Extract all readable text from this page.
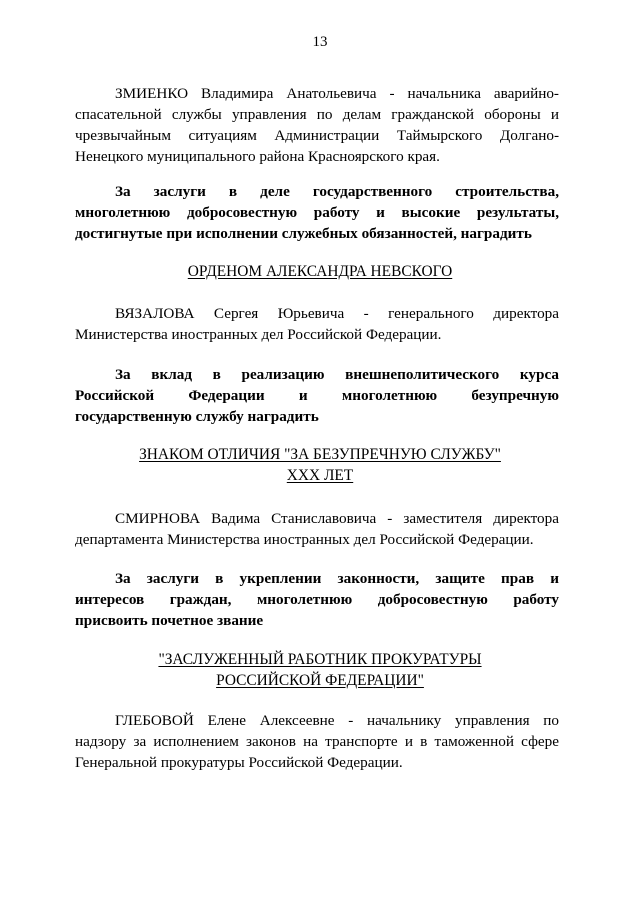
13
ЗМИЕНКО Владимира Анатольевича - начальника аварийно-
спасательной службы управления по делам гражданской обороны и
чрезвычайным ситуациям Администрации Таймырского Долгано-
Ненецкого муниципального района Красноярского края.
За заслуги в деле государственного строительства,
многолетнюю добросовестную работу и высокие результаты,
достигнутые при исполнении служебных обязанностей, наградить
ОРДЕНОМ АЛЕКСАНДРА НЕВСКОГО
ВЯЗАЛОВА Сергея Юрьевича - генерального директора
Министерства иностранных дел Российской Федерации.
За вклад в реализацию внешнеполитического курса
Российской Федерации и многолетнюю безупречную
государственную службу наградить
ЗНАКОМ ОТЛИЧИЯ "ЗА БЕЗУПРЕЧНУЮ СЛУЖБУ"
XXX ЛЕТ
СМИРНОВА Вадима Станиславовича - заместителя директора
департамента Министерства иностранных дел Российской Федерации.
За заслуги в укреплении законности, защите прав и
интересов граждан, многолетнюю добросовестную работу
присвоить почетное звание
"ЗАСЛУЖЕННЫЙ РАБОТНИК ПРОКУРАТУРЫ
РОССИЙСКОЙ ФЕДЕРАЦИИ"
ГЛЕБОВОЙ Елене Алексеевне - начальнику управления по
надзору за исполнением законов на транспорте и в таможенной сфере
Генеральной прокуратуры Российской Федерации.
